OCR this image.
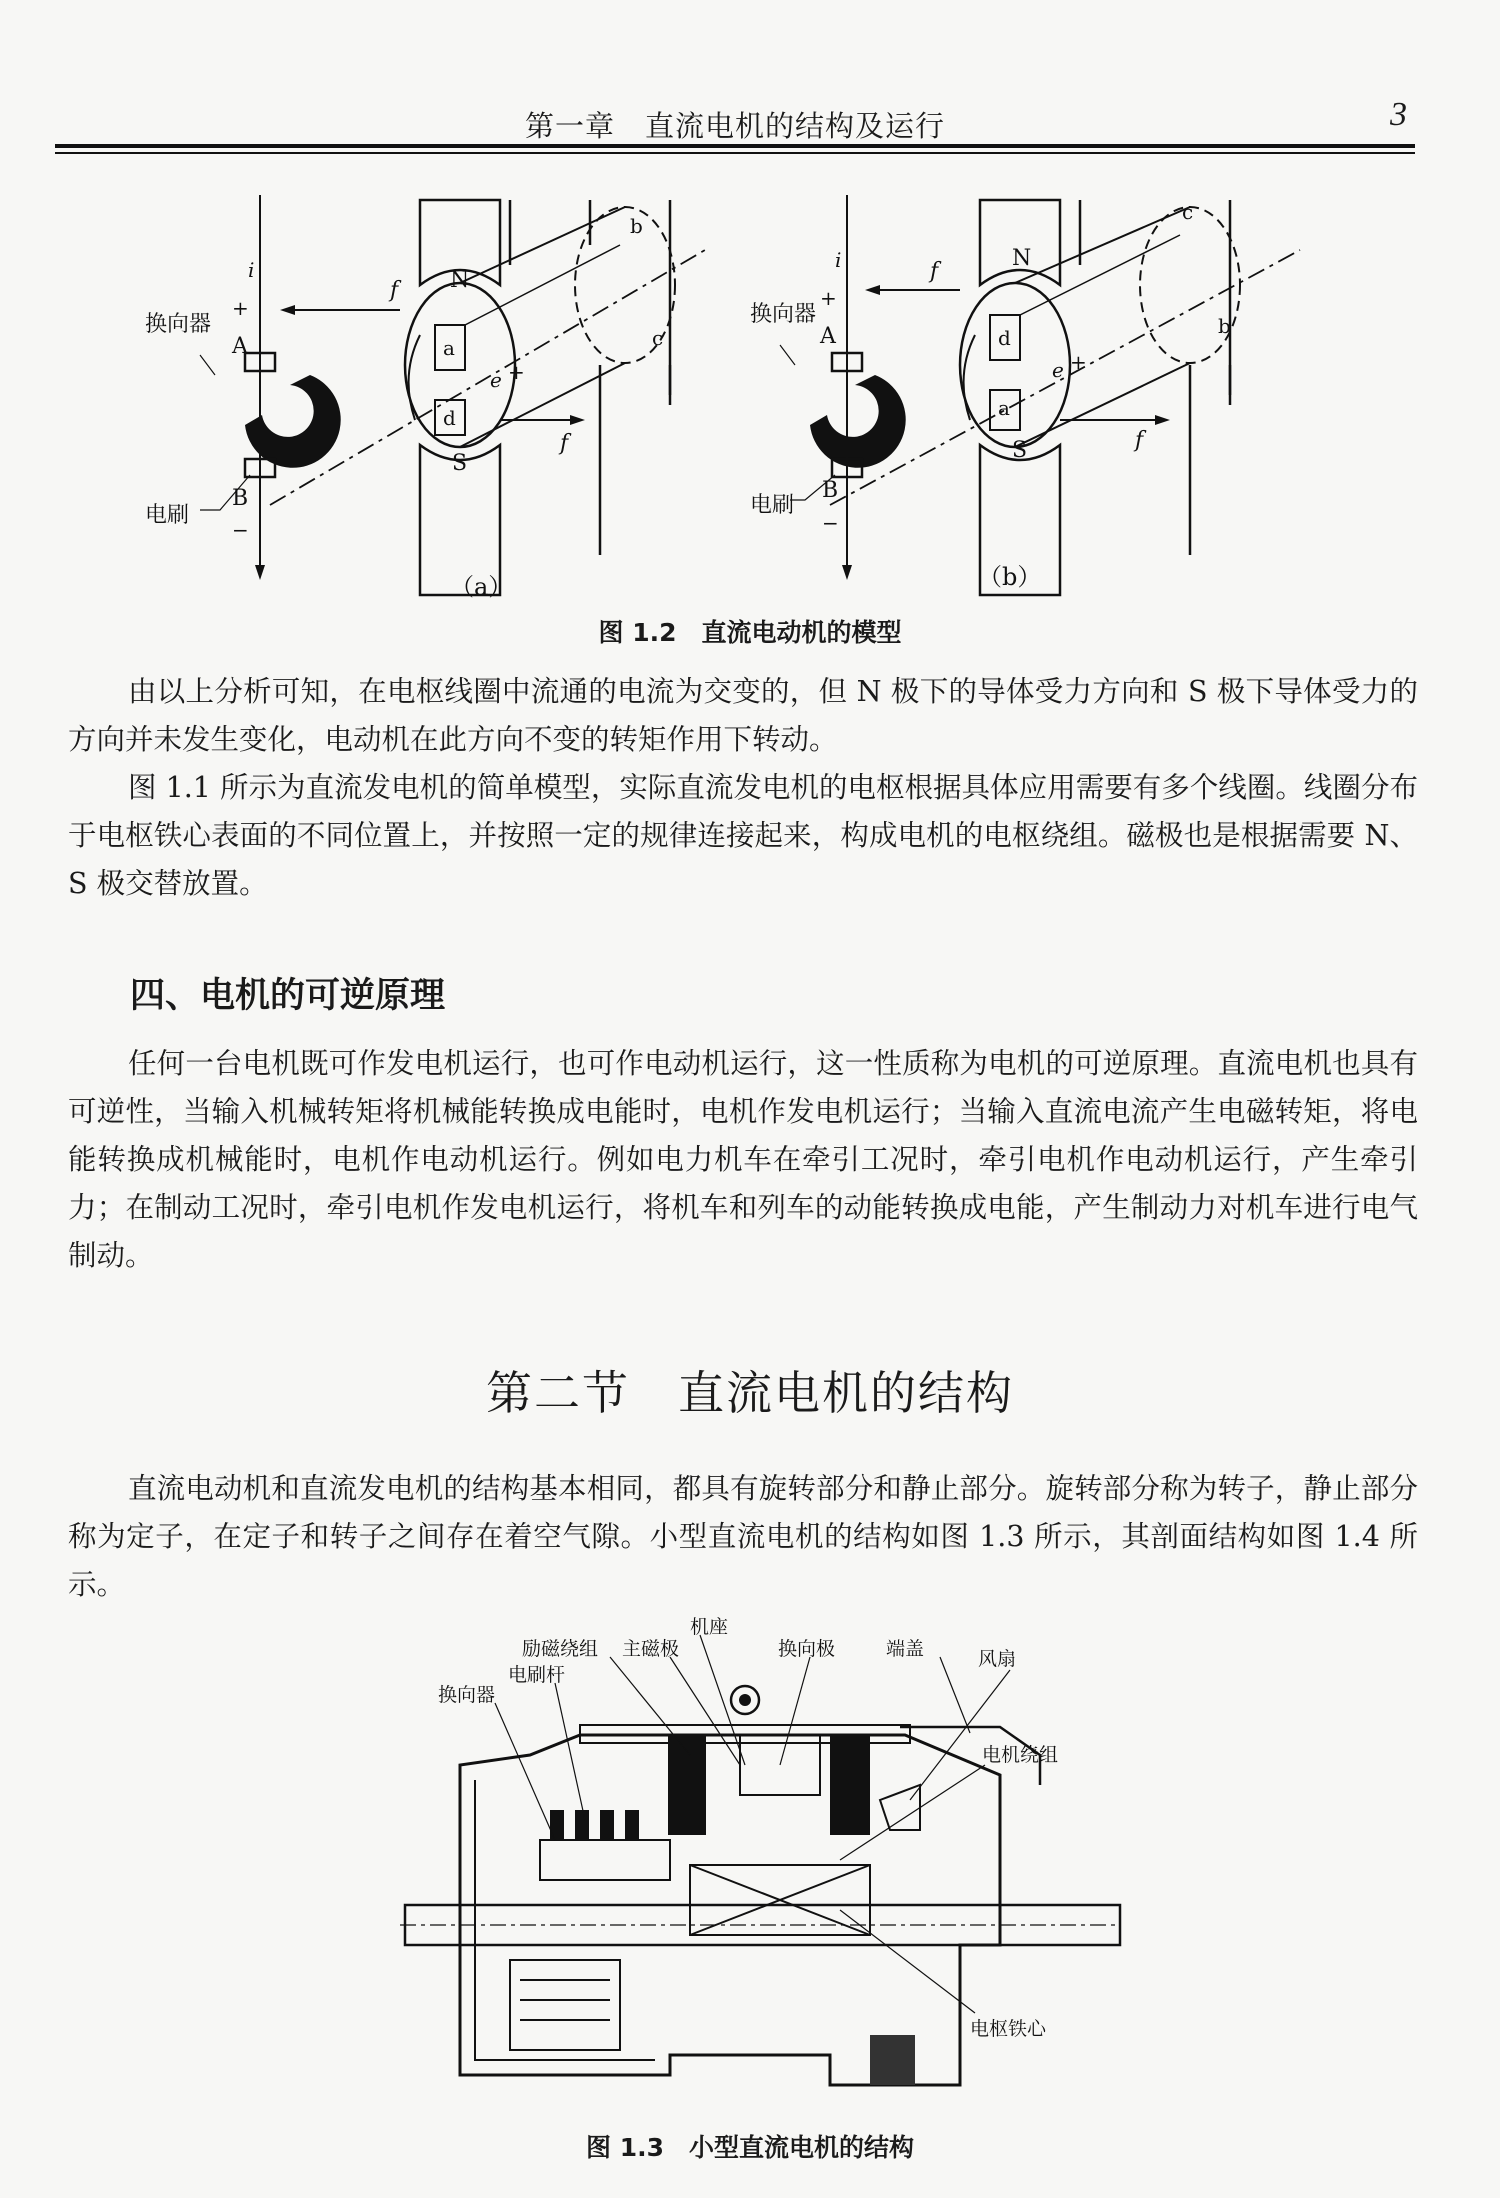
第一章　直流电机的结构及运行	3
换向器
电刷
i
+
A
B
−
N
S
f
f
e +
a
b
c
d
（a）
换向器
电刷
i
+
A
B
−
N
S
f
f
e +
d
c
b
a
（b）
图 1.2　直流电动机的模型

由以上分析可知，在电枢线圈中流通的电流为交变的，但 N 极下的导体受力方向和 S 极下导体受力的方向并未发生变化，电动机在此方向不变的转矩作用下转动。

图 1.1 所示为直流发电机的简单模型，实际直流发电机的电枢根据具体应用需要有多个线圈。线圈分布于电枢铁心表面的不同位置上，并按照一定的规律连接起来，构成电机的电枢绕组。磁极也是根据需要 N、S 极交替放置。

四、电机的可逆原理

任何一台电机既可作发电机运行，也可作电动机运行，这一性质称为电机的可逆原理。直流电机也具有可逆性，当输入机械转矩将机械能转换成电能时，电机作发电机运行；当输入直流电流产生电磁转矩，将电能转换成机械能时，电机作电动机运行。例如电力机车在牵引工况时，牵引电机作电动机运行，产生牵引力；在制动工况时，牵引电机作发电机运行，将机车和列车的动能转换成电能，产生制动力对机车进行电气制动。

第二节　直流电机的结构

直流电动机和直流发电机的结构基本相同，都具有旋转部分和静止部分。旋转部分称为转子，静止部分称为定子，在定子和转子之间存在着空气隙。小型直流电机的结构如图 1.3 所示，其剖面结构如图 1.4 所示。

机座
励磁绕组 主磁极	换向极	端盖	风扇
电刷杆
换向器
电机绕组
电枢铁心
图 1.3　小型直流电机的结构
